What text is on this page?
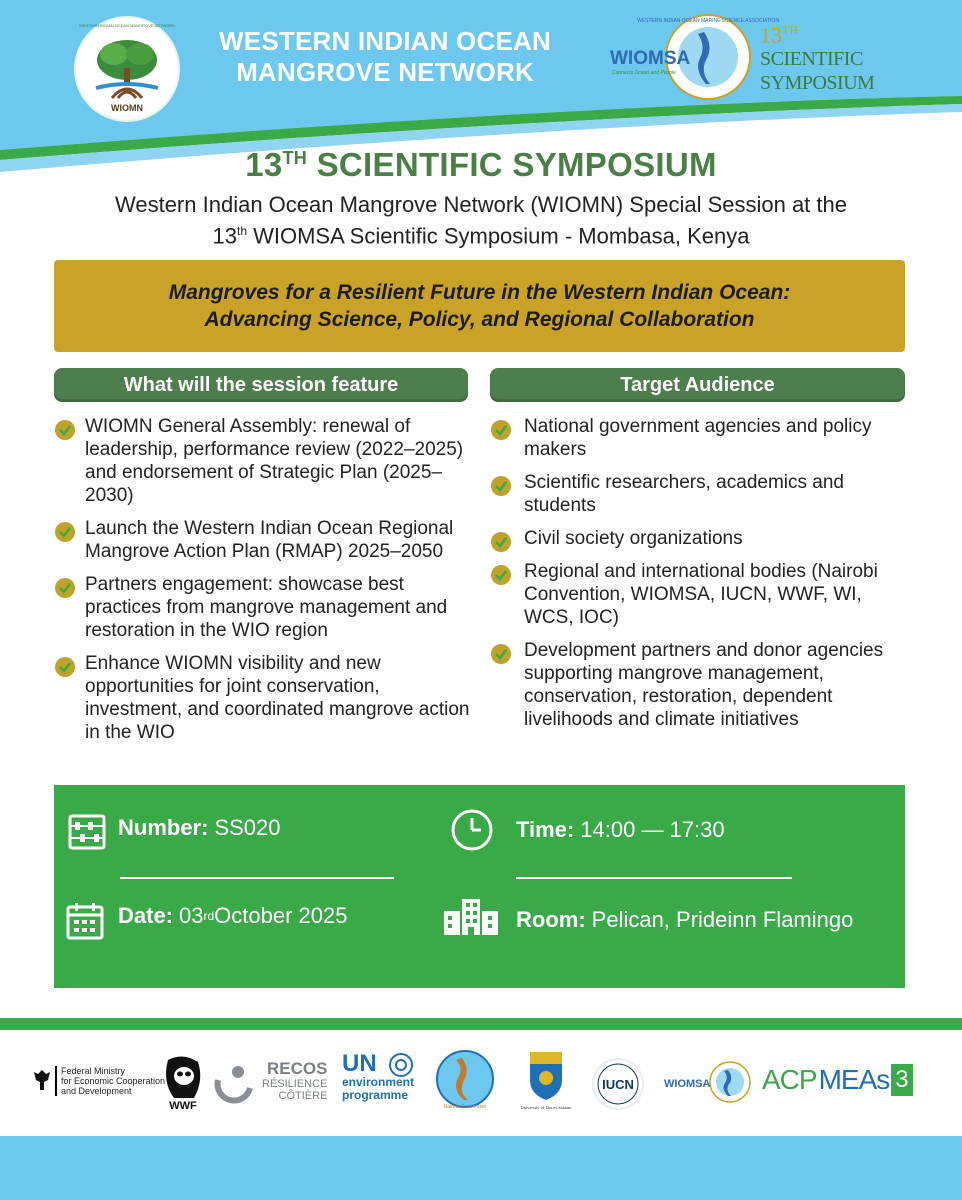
WIOMN
WESTERN INDIAN OCEAN MANGROVE NETWORK
WESTERN INDIAN OCEAN
MANGROVE NETWORK
WESTERN INDIAN OCEAN MARINE SCIENCE ASSOCIATION
WIOMSA
Connects Ocean and People
13TH
SCIENTIFIC
SYMPOSIUM
13TH SCIENTIFIC SYMPOSIUM
Western Indian Ocean Mangrove Network (WIOMN) Special Session at the
13th WIOMSA Scientific Symposium - Mombasa, Kenya
Mangroves for a Resilient Future in the Western Indian Ocean:
Advancing Science, Policy, and Regional Collaboration
What will the session feature	Target Audience
WIOMN General Assembly: renewal of leadership, performance review (2022–2025) and endorsement of Strategic Plan (2025–2030)
Launch the Western Indian Ocean Regional Mangrove Action Plan (RMAP) 2025–2050
Partners engagement: showcase best practices from mangrove management and restoration in the WIO region
Enhance WIOMN visibility and new opportunities for joint conservation, investment, and coordinated mangrove action in the WIO
National government agencies and policy makers
Scientific researchers, academics and students
Civil society organizations
Regional and international bodies (Nairobi Convention, WIOMSA, IUCN, WWF, WI, WCS, IOC)
Development partners and donor agencies supporting mangrove management, conservation, restoration, dependent livelihoods and climate initiatives
Number: SS020
Date: 03 rd October 2025
Time: 14:00 — 17:30
Room: Pelican, Prideinn Flamingo
Federal Ministry
for Economic Cooperation
and Development
WWF
RECOS
RÉSILIENCE
CÔTIÈRE
UN
environment
programme
Nairobi Convention	University of Dar es Salaam
IUCN	WIOMSA ACP MEAs 3
